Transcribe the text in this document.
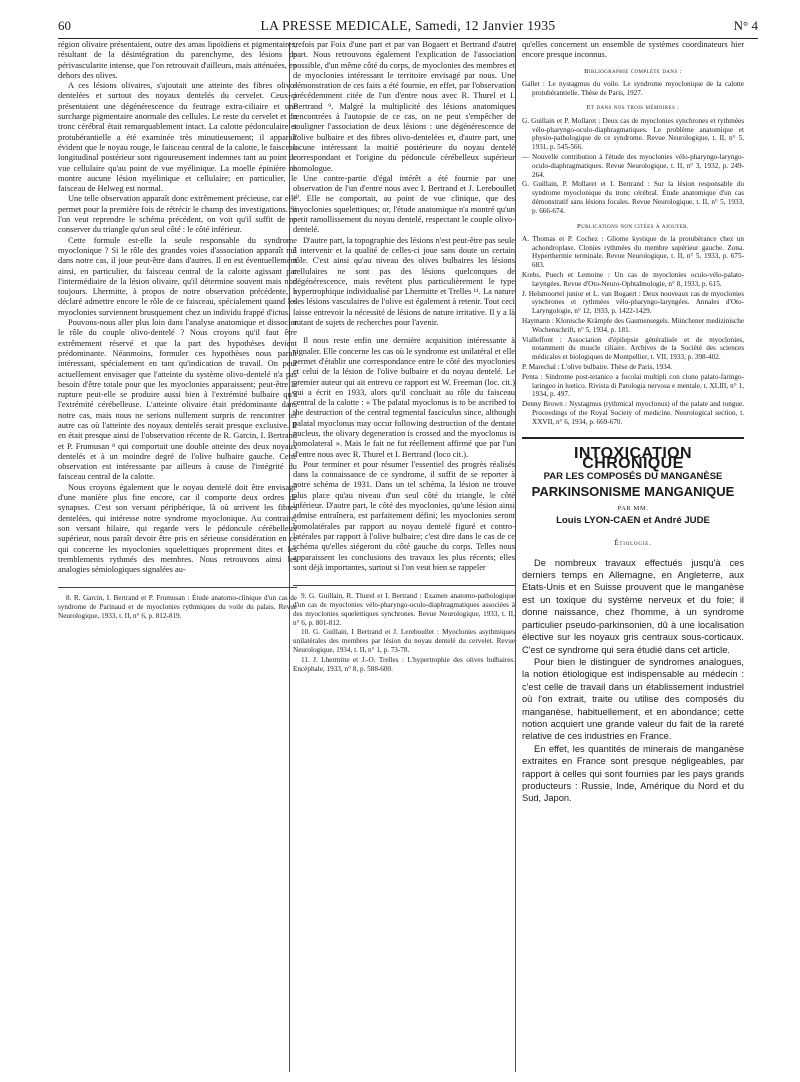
60	LA PRESSE MEDICALE, Samedi, 12 Janvier 1935	N° 4

région olivaire présentaient, outre des amas lipoïdiens et pigmentaires, résultant de la désintégration du parenchyme, des lésions de périvascularite intense, que l'on retrouvait d'ailleurs, mais atténuées, en dehors des olives.

A ces lésions olivaires, s'ajoutait une atteinte des fibres olivo-dentelées et surtout des noyaux dentelés du cervelet. Ceux-ci présentaient une dégénérescence du feutrage extra-ciliaire et une surcharge pigmentaire anormale des cellules. Le reste du cervelet et du tronc cérébral était remarquablement intact. La calotte pédonculaire et protubérantielle a été examinée très minutieusement; il apparaît évident que le noyau rouge, le faisceau central de la calotte, le faisceau longitudinal postérieur sont rigoureusement indemnes tant au point de vue cellulaire qu'au point de vue myélinique. La moelle épinière ne montre aucune lésion myélinique et cellulaire; en particulier, le faisceau de Helweg est normal.

Une telle observation apparaît donc extrêmement précieuse, car elle permet pour la première fois de rétrécir le champ des investigations. Si l'on veut reprendre le schéma précédent, on voit qu'il suffit de ne conserver du triangle qu'un seul côté : le côté inférieur.

Cette formule est-elle la seule responsable du syndrome myoclonique ? Si le rôle des grandes voies d'association apparaît nul dans notre cas, il joue peut-être dans d'autres. Il en est éventuellement ainsi, en particulier, du faisceau central de la calotte agissant par l'intermédiaire de la lésion olivaire, qu'il détermine souvent mais non toujours. Lhermitte, à propos de notre observation précédente, a déclaré admettre encore le rôle de ce faisceau, spécialement quand les myoclonies surviennent brusquement chez un individu frappé d'ictus.

Pouvons-nous aller plus loin dans l'analyse anatomique et dissocier le rôle du couple olivo-dentelé ? Nous croyons qu'il faut être extrêmement réservé et que la part des hypothèses devient prédominante. Néanmoins, formuler ces hypothèses nous paraît intéressant, spécialement en tant qu'indication de travail. On peut actuellement envisager que l'atteinte du système olivo-dentelé n'a pas besoin d'être totale pour que les myoclonies apparaissent; peut-être la rupture peut-elle se produire aussi bien à l'extrémité bulbaire qu'à l'extrémité cérébelleuse. L'atteinte olivaire était prédominante dans notre cas, mais nous ne serions nullement surpris de rencontrer tel autre cas où l'atteinte des noyaux dentelés serait presque exclusive. Il en était presque ainsi de l'observation récente de R. Garcin, I. Bertrand et P. Frumusan ⁸ qui comportait une double atteinte des deux noyaux dentelés et à un moindre degré de l'olive bulbaire gauche. Cette observation est intéressante par ailleurs à cause de l'intégrité du faisceau central de la calotte.

Nous croyons également que le noyau dentelé doit être envisagé d'une manière plus fine encore, car il comporte deux ordres de synapses. C'est son versant périphérique, là où arrivent les fibres dentelées, qui intéresse notre syndrome myoclonique. Au contraire, son versant hilaire, qui regarde vers le pédoncule cérébelleux supérieur, nous paraît devoir être pris en sérieuse considération en ce qui concerne les myoclonies squelettiques proprement dites et les tremblements rythmés des membres. Nous retrouvons ainsi les analogies sémiologiques signalées au-

8. R. Garcin, I. Bertrand et P. Frumusan : Étude anatomo-clinique d'un cas de syndrome de Parinaud et de myoclonies rythmiques du voile du palais. Revue Neurologique, 1933, t. II, n° 6, p. 812-819.

trefois par Foix d'une part et par van Bogaert et Bertrand d'autre part. Nous retrouvons également l'explication de l'association possible, d'un même côté du corps, de myoclonies des membres et de myoclonies intéressant le territoire envisagé par nous. Une démonstration de ces faits a été fournie, en effet, par l'observation précédemment citée de l'un d'entre nous avec R. Thurel et I. Bertrand ⁹. Malgré la multiplicité des lésions anatomiques rencontrées à l'autopsie de ce cas, on ne peut s'empêcher de souligner l'association de deux lésions : une dégénérescence de l'olive bulbaire et des fibres olivo-dentelées et, d'autre part, une lacune intéressant la moitié postérieure du noyau dentelé correspondant et l'origine du pédoncule cérébelleux supérieur homologue.

Une contre-partie d'égal intérêt a été fournie par une observation de l'un d'entre nous avec I. Bertrand et J. Lereboullet ¹⁰. Elle ne comportait, au point de vue clinique, que des myoclonies squelettiques; or, l'étude anatomique n'a montré qu'un petit ramollissement du noyau dentelé, respectant le couple olivo-dentelé.

D'autre part, la topographie des lésions n'est peut-être pas seule à intervenir et la qualité de celles-ci joue sans doute un certain rôle. C'est ainsi qu'au niveau des olives bulbaires les lésions cellulaires ne sont pas des lésions quelconques de dégénérescence, mais revêtent plus particulièrement le type hypertrophique individualisé par Lhermitte et Trelles ¹¹. La nature des lésions vasculaires de l'olive est également à retenir. Tout ceci laisse entrevoir la nécessité de lésions de nature irritative. Il y a là autant de sujets de recherches pour l'avenir.

Il nous reste enfin une dernière acquisition intéressante à signaler. Elle concerne les cas où le syndrome est unilatéral et elle permet d'établir une correspondance entre le côté des myoclonies et celui de la lésion de l'olive bulbaire et du noyau dentelé. Le premier auteur qui ait entrevu ce rapport est W. Freeman (loc. cit.) qui a écrit en 1933, alors qu'il concluait au rôle du faisceau central de la calotte : « The palatal myoclonus is to be ascribed to the destruction of the central tegmental fasciculus since, although palatal myoclonus may occur following destruction of the dentate nucleus, the olivary degeneration is crossed and the myoclonus is homolateral ». Mais le fait ne fut réellement affirmé que par l'un d'entre nous avec R. Thurel et I. Bertrand (loco cit.).

Pour terminer et pour résumer l'essentiel des progrès réalisés dans la connaissance de ce syndrome, il suffit de se reporter à notre schéma de 1931. Dans un tel schéma, la lésion ne trouve plus place qu'au niveau d'un seul côté du triangle, le côté inférieur. D'autre part, le côté des myoclonies, qu'une lésion ainsi admise entraînera, est parfaitement défini; les myoclonies seront homolatérales par rapport au noyau dentelé figuré et contro-latérales par rapport à l'olive bulbaire; c'est dire dans le cas de ce schéma qu'elles siégeront du côté gauche du corps. Telles nous apparaissent les conclusions des travaux les plus récents; elles sont déjà importantes, surtout si l'on veut bien se rappeler

9. G. Guillain, R. Thurel et I. Bertrand : Examen anatomo-pathologique d'un cas de myoclonies vélo-pharyngo-oculo-diaphragmatiques associées à des myoclonies squelettiques synchrones. Revue Neurologique, 1933, t. II, n° 6, p. 801-812.

10. G. Guillain, I Bertrand et J. Lereboullet : Myoclonies asythmiques unilatérales des membres par lésion du noyau dentelé du cervelet. Revue Neurologique, 1934, t. II, n° 1, p. 73-78.

11. J. Lhermitte et J.-O. Trelles : L'hypertrophie des olives bulbaires. Encéphale, 1933, n° 8, p. 588-600.

qu'elles concernent un ensemble de systèmes coordinateurs hier encore presque inconnus.

Bibliographie complète dans :

Gallet : Le nystagmus du voile. Le syndrome myoclonique de la calotte protubérantielle. Thèse de Paris, 1927.

Et dans nos trois mémoires :

G. Guillain et P. Mollaret : Deux cas de myoclonies synchrones et rythmées vélo-pharyngo-oculo-diaphragmatiques. Le problème anatomique et physio-pathologique de ce syndrome. Revue Neurologique, t. II, n° 5, 1931, p. 545-566.

— Nouvelle contribution à l'étude des myoclonies vélo-pharyngo-laryngo-oculo-diaphragmatiques. Revue Neurologique, t. II, n° 3, 1932, p. 249-264.

G. Guillain, P. Mollaret et I. Bertrand : Sur la lésion responsable du syndrome myoclonique du tronc cérébral. Étude anatomique d'un cas démonstratif sans lésions focales. Revue Neurologique, t. II, n° 5, 1933, p. 666-674.

Publications non citées à ajouter.

A. Thomas et P. Cochez : Gliome kystique de la protubérance chez un achondroplase. Clonies rythmées du membre supérieur gauche. Zona. Hyperthermie terminale. Revue Neurologique, t. II, n° 5, 1933, p. 675-683.

Krebs, Puech et Lemoine : Un cas de myoclonies oculo-vélo-palato-laryngées. Revue d'Oto-Neuro-Ophtalmologie, n° 8, 1933, p. 615.

J. Helsmoortel junior et L. van Bogaert : Deux nouveaux cas de myoclonies synchrones et rythmées vélo-pharyngo-laryngées. Annales d'Oto-Laryngologie, n° 12, 1933, p. 1422-1429.

Haymann : Klonische Krämpfe des Gaumensegels. Münchener medizinische Wochenschrift, n° 5, 1934, p. 181.

Vialleffont : Association d'épilepsie généralisée et de myoclonies, notamment du muscle ciliaire. Archives de la Société des sciences médicales et biologiques de Montpellier, t. VII, 1933, p. 398-402.

P. Marechal : L'olive bulbaire. Thèse de Paris, 1934.

Penta : Sindrome post-tetanico a focolai multipli con clono palato-faringo-laringeo in luetico. Rivista di Patologia nervosa e mentale, t. XLIII, n° 1, 1934, p. 497.

Denny Brown : Nystagmus (rythmical myoclonus) of the palate and tongue. Proceedings of the Royal Society of medicine. Neurological section, t. XXVII, n° 6, 1934, p. 669-670.

INTOXICATION CHRONIQUE
PAR LES COMPOSÉS DU MANGANÈSE
PARKINSONISME MANGANIQUE
PAR MM.
Louis LYON-CAEN et André JUDE
Étiologie.

De nombreux travaux effectués jusqu'à ces derniers temps en Allemagne, en Angleterre, aux Etats-Unis et en Suisse prouvent que le manganèse est un toxique du système nerveux et du foie; il donne naissance, chez l'homme, à un syndrome particulier pseudo-parkinsonien, dû à une localisation élective sur les noyaux gris centraux sous-corticaux. C'est ce syndrome qui sera étudié dans cet article.

Pour bien le distinguer de syndromes analogues, la notion étiologique est indispensable au médecin : c'est celle de travail dans un établissement industriel où l'on extrait, traite ou utilise des composés du manganèse, habituellement, et en abondance; cette notion acquiert une grande valeur du fait de la rareté relative de ces industries en France.

En effet, les quantités de minerais de manganèse extraites en France sont presque négligeables, par rapport à celles qui sont fournies par les pays grands producteurs : Russie, Inde, Amérique du Nord et du Sud, Japon.
